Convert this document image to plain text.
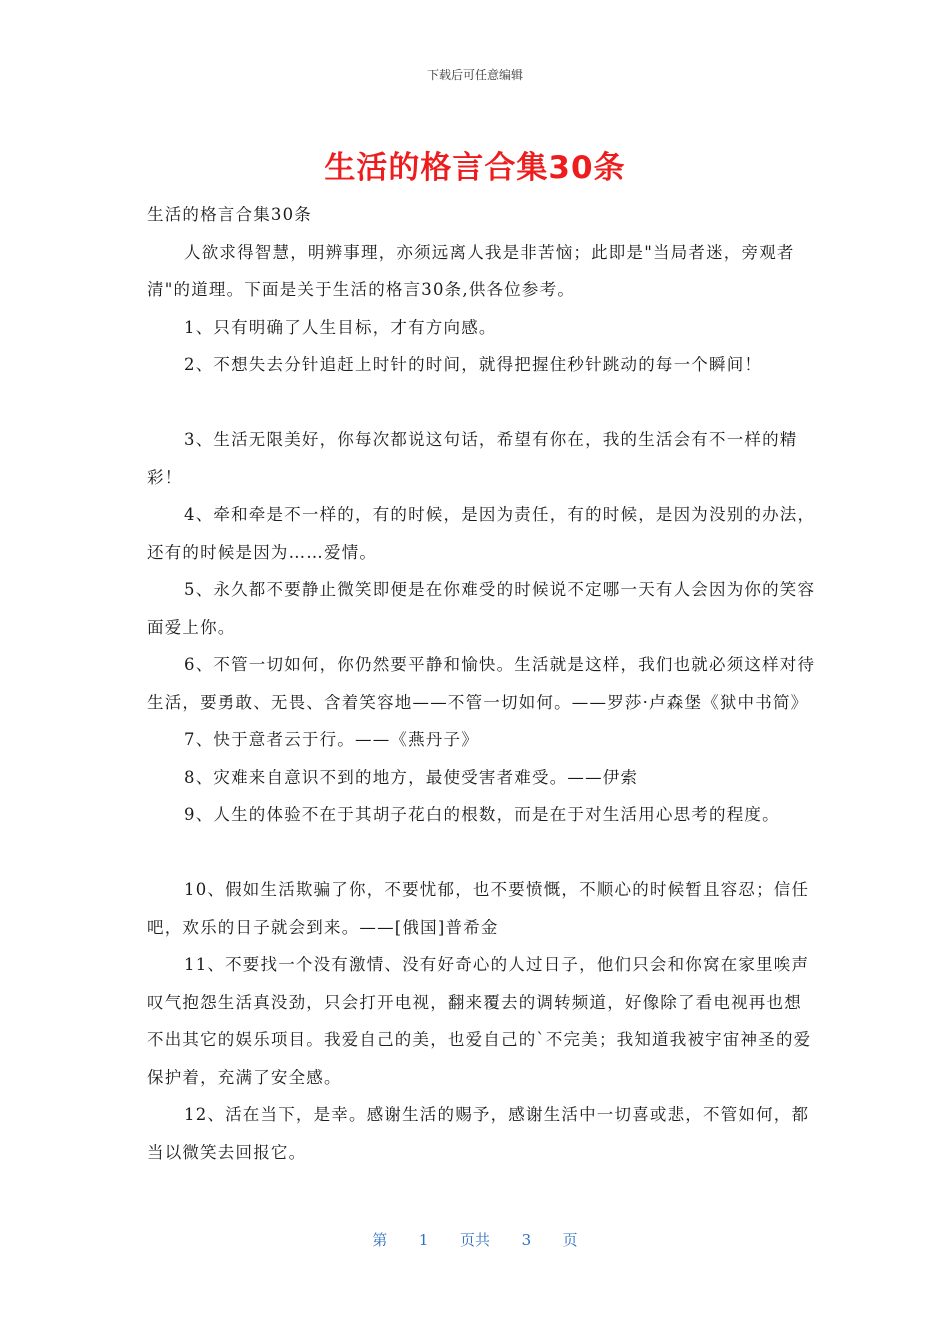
下载后可任意编辑
生活的格言合集30条

生活的格言合集30条

人欲求得智慧，明辨事理，亦须远离人我是非苦恼；此即是"当局者迷，旁观者清"的道理。下面是关于生活的格言30条,供各位参考。

1、只有明确了人生目标，才有方向感。

2、不想失去分针追赶上时针的时间，就得把握住秒针跳动的每一个瞬间！

3、生活无限美好，你每次都说这句话，希望有你在，我的生活会有不一样的精彩！

4、牵和牵是不一样的，有的时候，是因为责任，有的时候，是因为没别的办法，还有的时候是因为……爱情。

5、永久都不要静止微笑即便是在你难受的时候说不定哪一天有人会因为你的笑容面爱上你。

6、不管一切如何，你仍然要平静和愉快。生活就是这样，我们也就必须这样对待生活，要勇敢、无畏、含着笑容地——不管一切如何。——罗莎·卢森堡《狱中书简》

7、快于意者云于行。——《燕丹子》

8、灾难来自意识不到的地方，最使受害者难受。——伊索

9、人生的体验不在于其胡子花白的根数，而是在于对生活用心思考的程度。

10、假如生活欺骗了你，不要忧郁，也不要愤慨，不顺心的时候暂且容忍；信任吧，欢乐的日子就会到来。——[俄国]普希金

11、不要找一个没有激情、没有好奇心的人过日子，他们只会和你窝在家里唉声叹气抱怨生活真没劲，只会打开电视，翻来覆去的调转频道，好像除了看电视再也想不出其它的娱乐项目。我爱自己的美，也爱自己的`不完美；我知道我被宇宙神圣的爱保护着，充满了安全感。

12、活在当下，是幸。感谢生活的赐予，感谢生活中一切喜或悲，不管如何，都当以微笑去回报它。

第 1 页共 3 页
